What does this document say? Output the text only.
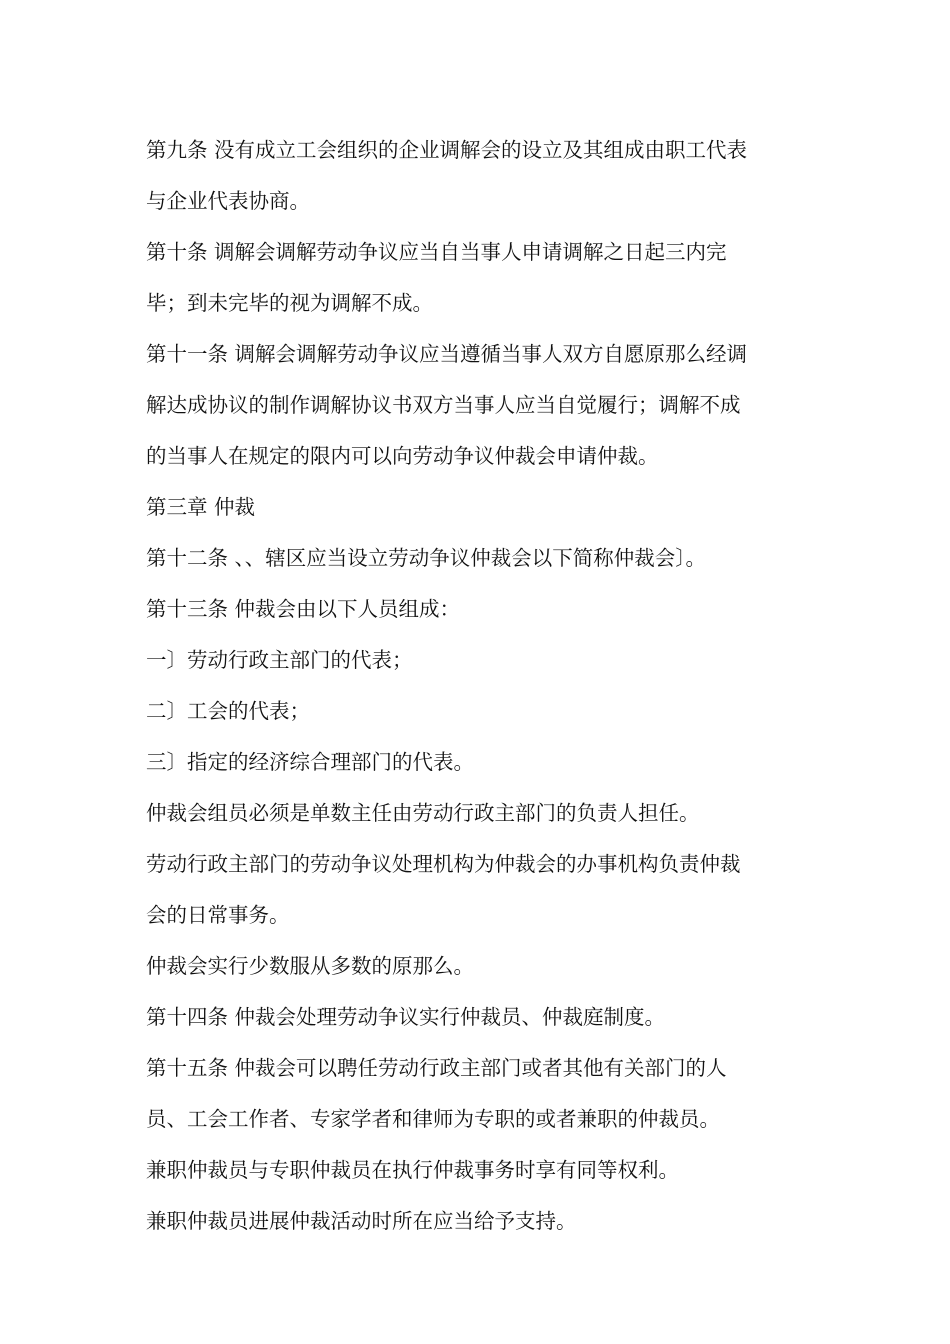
第九条 没有成立工会组织的企业调解会的设立及其组成由职工代表
与企业代表协商。
第十条 调解会调解劳动争议应当自当事人申请调解之日起三内完
毕；到未完毕的视为调解不成。
第十一条 调解会调解劳动争议应当遵循当事人双方自愿原那么经调
解达成协议的制作调解协议书双方当事人应当自觉履行；调解不成
的当事人在规定的限内可以向劳动争议仲裁会申请仲裁。
第三章 仲裁
第十二条 、、辖区应当设立劳动争议仲裁会以下简称仲裁会〕。
第十三条 仲裁会由以下人员组成：
一〕劳动行政主部门的代表；
二〕工会的代表；
三〕指定的经济综合理部门的代表。
仲裁会组员必须是单数主任由劳动行政主部门的负责人担任。
劳动行政主部门的劳动争议处理机构为仲裁会的办事机构负责仲裁
会的日常事务。
仲裁会实行少数服从多数的原那么。
第十四条 仲裁会处理劳动争议实行仲裁员、仲裁庭制度。
第十五条 仲裁会可以聘任劳动行政主部门或者其他有关部门的人
员、工会工作者、专家学者和律师为专职的或者兼职的仲裁员。
兼职仲裁员与专职仲裁员在执行仲裁事务时享有同等权利。
兼职仲裁员进展仲裁活动时所在应当给予支持。
